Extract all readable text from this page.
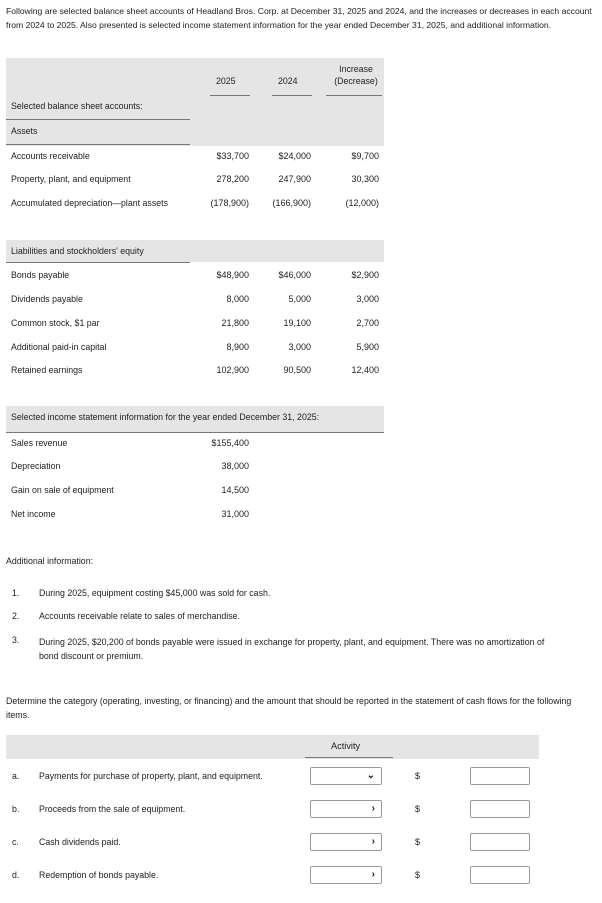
Following are selected balance sheet accounts of Headland Bros. Corp. at December 31, 2025 and 2024, and the increases or decreases in each account from 2024 to 2025. Also presented is selected income statement information for the year ended December 31, 2025, and additional information.
2025	2024
Increase
(Decrease)
Selected balance sheet accounts:
Assets
Accounts receivable	$33,700	$24,000	$9,700
Property, plant, and equipment	278,200	247,900	30,300
Accumulated depreciation—plant assets	(178,900)	(166,900)	(12,000)
Liabilities and stockholders' equity
Bonds payable	$48,900	$46,000	$2,900
Dividends payable	8,000	5,000	3,000
Common stock, $1 par	21,800	19,100	2,700
Additional paid-in capital	8,900	3,000	5,900
Retained earnings	102,900	90,500	12,400
Selected income statement information for the year ended December 31, 2025:
Sales revenue	$155,400
Depreciation	38,000
Gain on sale of equipment	14,500
Net income	31,000
Additional information:
1. During 2025, equipment costing $45,000 was sold for cash.
2. Accounts receivable relate to sales of merchandise.
3. During 2025, $20,200 of bonds payable were issued in exchange for property, plant, and equipment. There was no amortization of bond discount or premium.
Determine the category (operating, investing, or financing) and the amount that should be reported in the statement of cash flows for the following items.
Activity
a. Payments for purchase of property, plant, and equipment.	⌄	$
b. Proceeds from the sale of equipment.	›	$
c. Cash dividends paid.	›	$
d. Redemption of bonds payable.	›	$
